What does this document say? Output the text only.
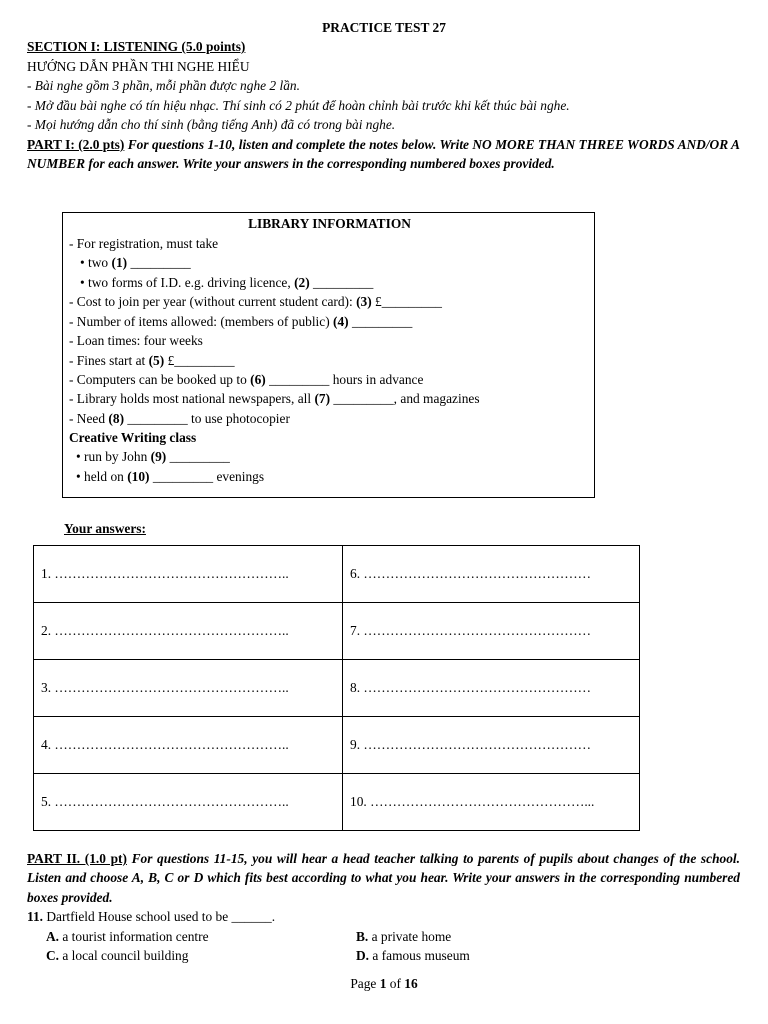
PRACTICE TEST 27
SECTION I: LISTENING (5.0 points)
HƯỚNG DẪN PHẦN THI NGHE HIỂU
- Bài nghe gồm 3 phần, mỗi phần được nghe 2 lần.
- Mở đầu bài nghe có tín hiệu nhạc. Thí sinh có 2 phút để hoàn chỉnh bài trước khi kết thúc bài nghe.
- Mọi hướng dẫn cho thí sinh (bằng tiếng Anh) đã có trong bài nghe.
PART I: (2.0 pts) For questions 1-10, listen and complete the notes below. Write NO MORE THAN THREE WORDS AND/OR A NUMBER for each answer. Write your answers in the corresponding numbered boxes provided.
LIBRARY INFORMATION
- For registration, must take
• two (1) _________
• two forms of I.D. e.g. driving licence, (2) _________
- Cost to join per year (without current student card): (3) £_________
- Number of items allowed: (members of public) (4) _________
- Loan times: four weeks
- Fines start at (5) £_________
- Computers can be booked up to (6) _________ hours in advance
- Library holds most national newspapers, all (7) _________, and magazines
- Need (8) _________ to use photocopier
Creative Writing class
• run by John (9) _________
• held on (10) _________ evenings
Your answers:
1. ……………………………………………..	6. ……………………………………………
2. ……………………………………………..	7. ……………………………………………
3. ……………………………………………..	8. ……………………………………………
4. ……………………………………………..	9. ……………………………………………
5. ……………………………………………..	10. …………………………………………...
PART II. (1.0 pt) For questions 11-15, you will hear a head teacher talking to parents of pupils about changes of the school. Listen and choose A, B, C or D which fits best according to what you hear. Write your answers in the corresponding numbered boxes provided.
11. Dartfield House school used to be ______.
A. a tourist information centre	B. a private home
C. a local council building	D. a famous museum
Page 1 of 16
